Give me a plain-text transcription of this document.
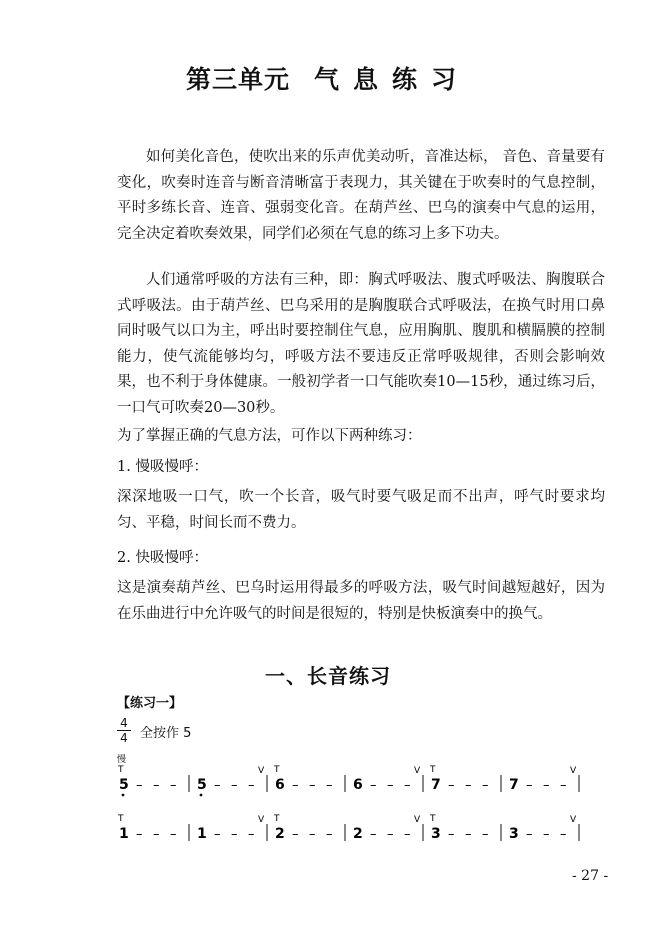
第三单元 气息练习

如何美化音色，使吹出来的乐声优美动听，音准达标， 音色、音量要有变化，吹奏时连音与断音清晰富于表现力，其关键在于吹奏时的气息控制，平时多练长音、连音、强弱变化音。在葫芦丝、巴乌的演奏中气息的运用，完全决定着吹奏效果，同学们必须在气息的练习上多下功夫。

人们通常呼吸的方法有三种，即：胸式呼吸法、腹式呼吸法、胸腹联合式呼吸法。由于葫芦丝、巴乌采用的是胸腹联合式呼吸法，在换气时用口鼻同时吸气以口为主，呼出时要控制住气息，应用胸肌、腹肌和横膈膜的控制能力，使气流能够均匀，呼吸方法不要违反正常呼吸规律，否则会影响效果，也不利于身体健康。一般初学者一口气能吹奏10—15秒，通过练习后，一口气可吹奏20—30秒。

为了掌握正确的气息方法，可作以下两种练习：

1. 慢吸慢呼：

深深地吸一口气，吹一个长音，吸气时要气吸足而不出声，呼气时要求均匀、平稳，时间长而不费力。

2. 快吸慢呼：

这是演奏葫芦丝、巴乌时运用得最多的呼吸方法，吸气时间越短越好，因为在乐曲进行中允许吸气的时间是很短的，特别是快板演奏中的换气。

一、长音练习
【练习一】
4
4 全按作 5
慢
T
5 – – – 5 – – –
V T
6 – – – 6 – – –
V T
7 – – – 7 – – –
V
T
1 – – – 1 – – –
V T
2 – – – 2 – – –
V T
3 – – – 3 – – –
V
- 27 -
